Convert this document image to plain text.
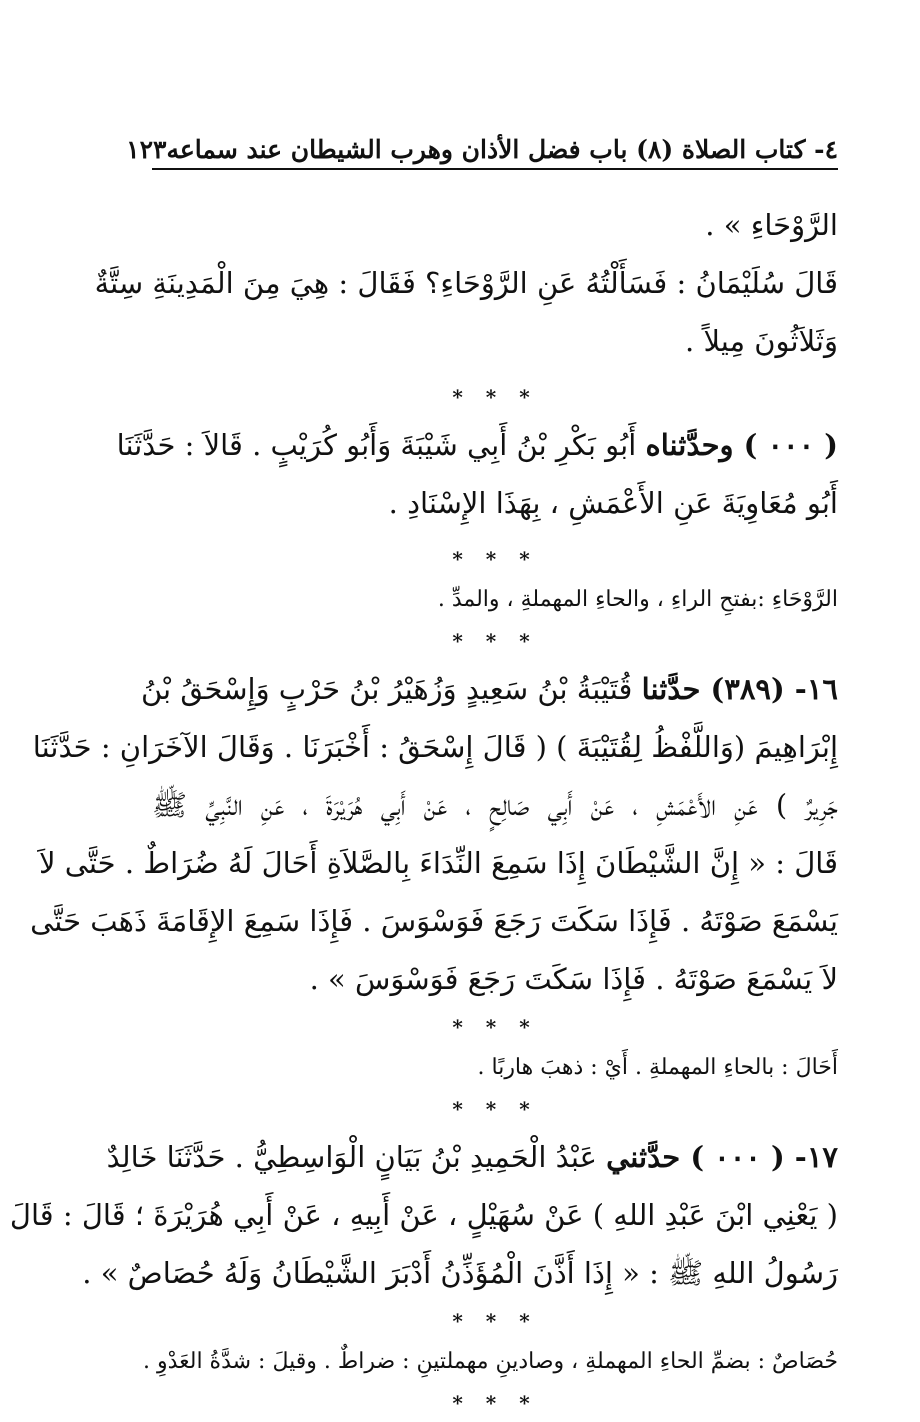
٤- كتاب الصلاة (٨) باب فضل الأذان وهرب الشيطان عند سماعه
١٢٣
الرَّوْحَاءِ » .
قَالَ سُلَيْمَانُ : فَسَأَلْتُهُ عَنِ الرَّوْحَاءِ؟ فَقَالَ : هِيَ مِنَ الْمَدِينَةِ سِتَّةٌ
وَثَلاَثُونَ مِيلاً .
* * *
( ٠٠٠ ) وحدَّثناه أَبُو بَكْرِ بْنُ أَبِي شَيْبَةَ وَأَبُو كُرَيْبٍ . قَالاَ : حَدَّثَنَا
أَبُو مُعَاوِيَةَ عَنِ الأَعْمَشِ ، بِهَذَا الإِسْنَادِ .
* * *
الرَّوْحَاءِ :بفتحِ الراءِ ، والحاءِ المهملةِ ، والمدِّ .
* * *
١٦- (٣٨٩) حدَّثنا قُتَيْبَةُ بْنُ سَعِيدٍ وَزُهَيْرُ بْنُ حَرْبٍ وَإِسْحَقُ بْنُ
إِبْرَاهِيمَ (وَاللَّفْظُ لِقُتَيْبَةَ ) ( قَالَ إِسْحَقُ : أَخْبَرَنَا . وَقَالَ الآخَرَانِ : حَدَّثَنَا
جَرِيرٌ ) عَنِ الأَعْمَشِ ، عَنْ أَبِي صَالِحٍ ، عَنْ أَبِي هُرَيْرَةَ ، عَنِ النَّبِيِّ ﷺ
قَالَ : « إِنَّ الشَّيْطَانَ إِذَا سَمِعَ النِّدَاءَ بِالصَّلاَةِ أَحَالَ لَهُ ضُرَاطٌ . حَتَّى لاَ
يَسْمَعَ صَوْتَهُ . فَإِذَا سَكَتَ رَجَعَ فَوَسْوَسَ . فَإِذَا سَمِعَ الإِقَامَةَ ذَهَبَ حَتَّى
لاَ يَسْمَعَ صَوْتَهُ . فَإِذَا سَكَتَ رَجَعَ فَوَسْوَسَ » .
* * *
أَحَالَ : بالحاءِ المهملةِ . أَيْ : ذهبَ هاربًا .
* * *
١٧- ( ٠٠٠ ) حدَّثني عَبْدُ الْحَمِيدِ بْنُ بَيَانٍ الْوَاسِطِيُّ . حَدَّثَنَا خَالِدٌ
( يَعْنِي ابْنَ عَبْدِ اللهِ ) عَنْ سُهَيْلٍ ، عَنْ أَبِيهِ ، عَنْ أَبِي هُرَيْرَةَ ؛ قَالَ : قَالَ
رَسُولُ اللهِ ﷺ : « إِذَا أَذَّنَ الْمُؤَذِّنُ أَدْبَرَ الشَّيْطَانُ وَلَهُ حُصَاصٌ » .
* * *
حُصَاصٌ : بضمِّ الحاءِ المهملةِ ، وصادينِ مهملتينِ : ضراطٌ . وقيلَ : شدَّةُ العَدْوِ .
* * *
